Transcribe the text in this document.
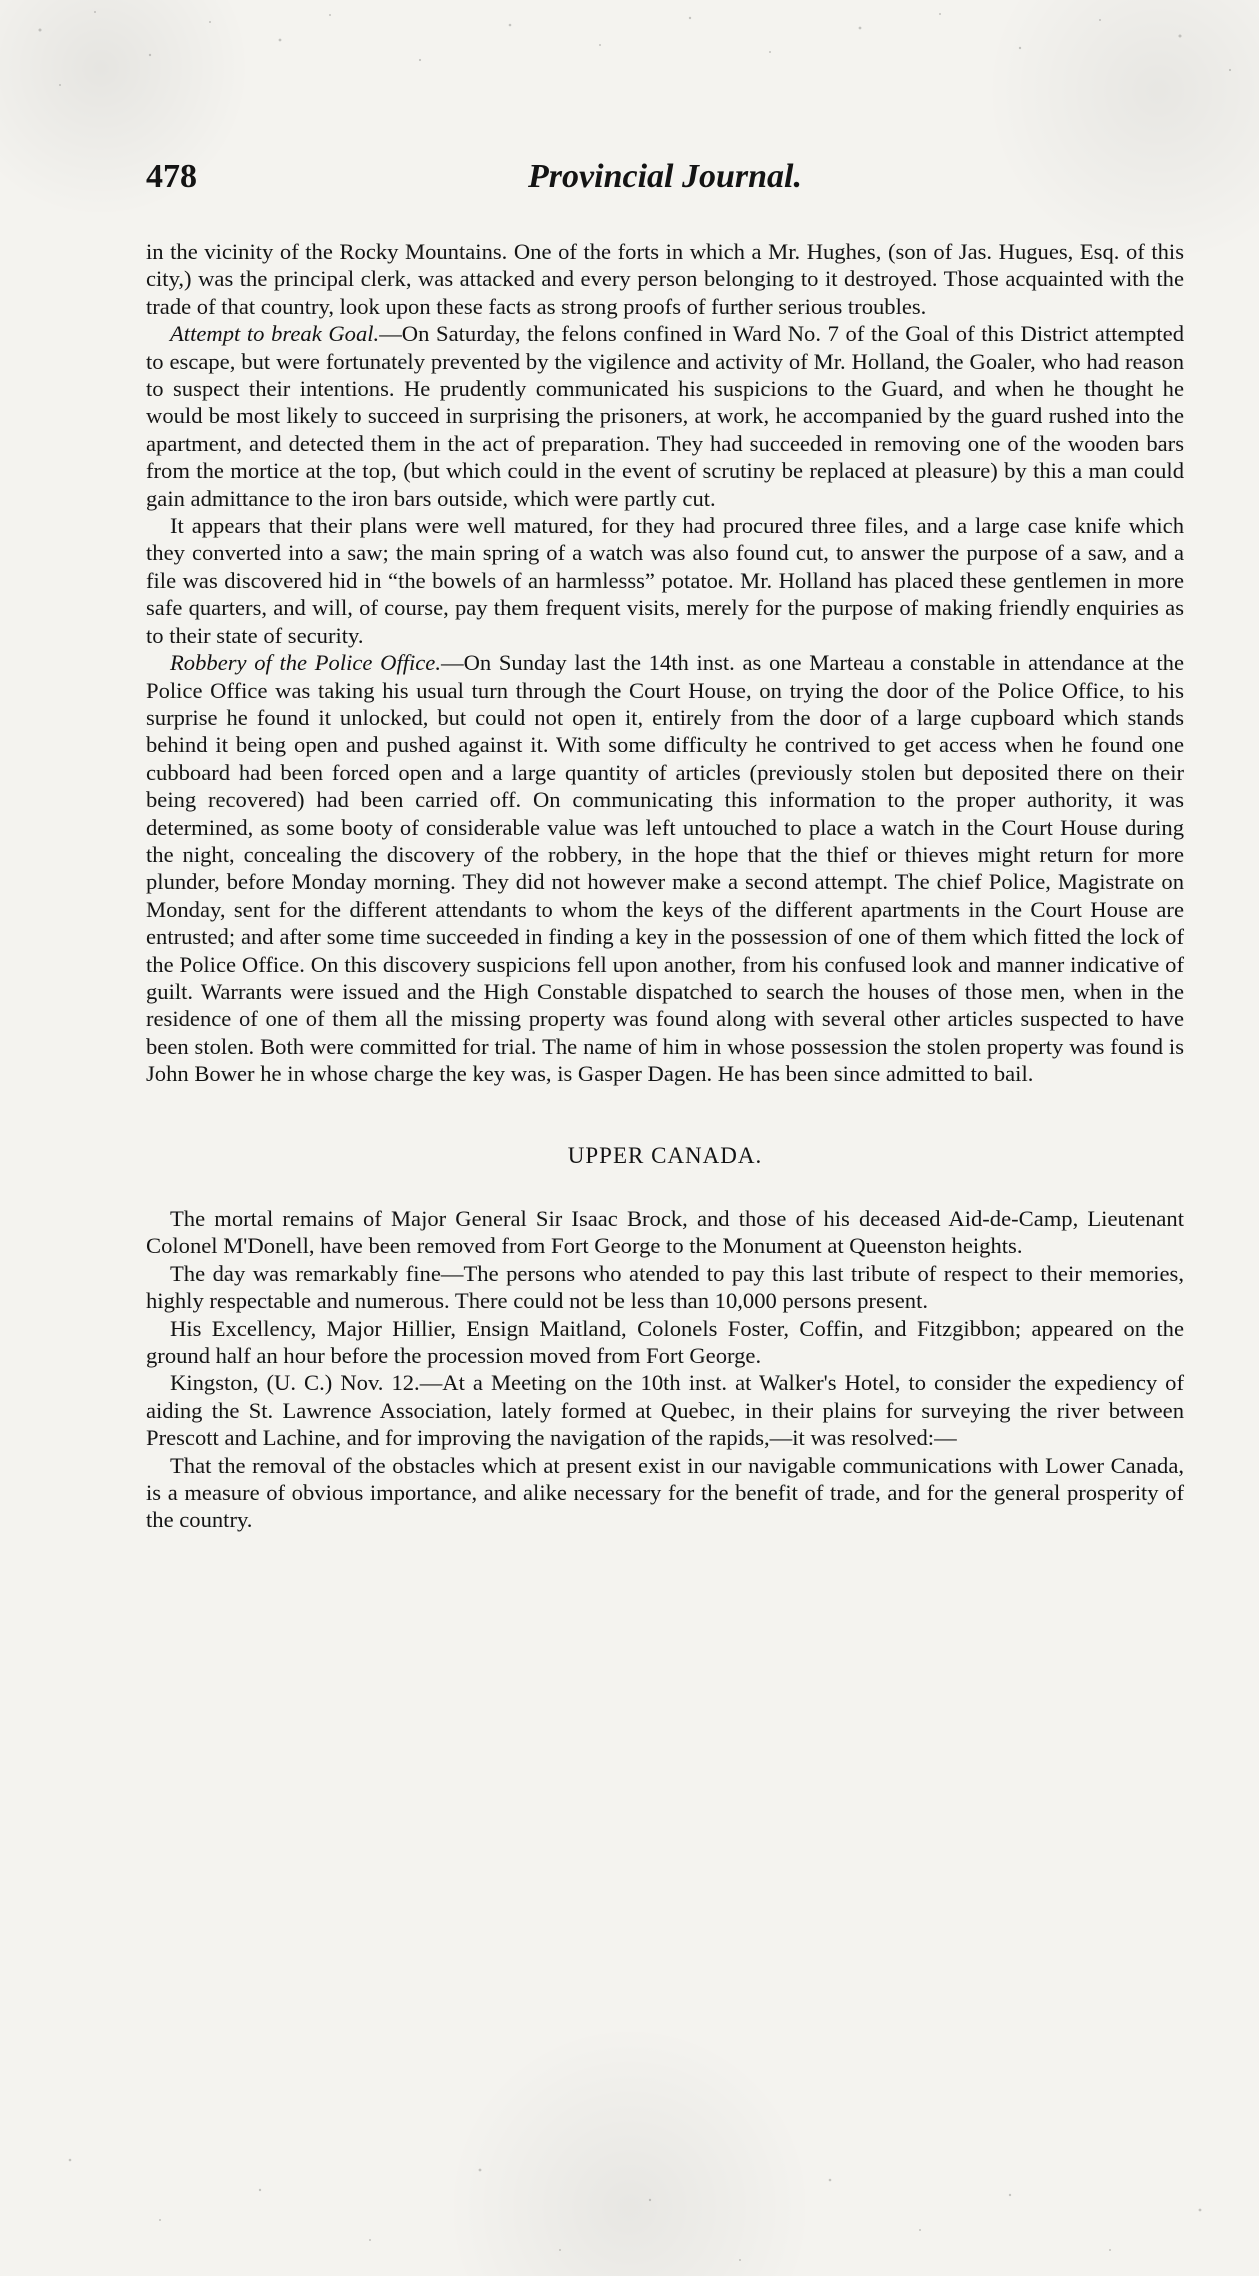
478	Provincial Journal.

in the vicinity of the Rocky Mountains. One of the forts in which a Mr. Hughes, (son of Jas. Hugues, Esq. of this city,) was the principal clerk, was attacked and every person belonging to it destroyed. Those acquainted with the trade of that country, look upon these facts as strong proofs of further serious troubles.

Attempt to break Goal.—On Saturday, the felons confined in Ward No. 7 of the Goal of this District attempted to escape, but were fortunately prevented by the vigilence and activity of Mr. Holland, the Goaler, who had reason to suspect their intentions. He prudently communicated his suspicions to the Guard, and when he thought he would be most likely to succeed in surprising the prisoners, at work, he accompanied by the guard rushed into the apartment, and detected them in the act of preparation. They had succeeded in removing one of the wooden bars from the mortice at the top, (but which could in the event of scrutiny be replaced at pleasure) by this a man could gain admittance to the iron bars outside, which were partly cut.

It appears that their plans were well matured, for they had procured three files, and a large case knife which they converted into a saw; the main spring of a watch was also found cut, to answer the purpose of a saw, and a file was discovered hid in “the bowels of an harmlesss” potatoe. Mr. Holland has placed these gentlemen in more safe quarters, and will, of course, pay them frequent visits, merely for the purpose of making friendly enquiries as to their state of security.

Robbery of the Police Office.—On Sunday last the 14th inst. as one Marteau a constable in attendance at the Police Office was taking his usual turn through the Court House, on trying the door of the Police Office, to his surprise he found it unlocked, but could not open it, entirely from the door of a large cupboard which stands behind it being open and pushed against it. With some difficulty he contrived to get access when he found one cubboard had been forced open and a large quantity of articles (previously stolen but deposited there on their being recovered) had been carried off. On communicating this information to the proper authority, it was determined, as some booty of considerable value was left untouched to place a watch in the Court House during the night, concealing the discovery of the robbery, in the hope that the thief or thieves might return for more plunder, before Monday morning. They did not however make a second attempt. The chief Police, Magistrate on Monday, sent for the different attendants to whom the keys of the different apartments in the Court House are entrusted; and after some time succeeded in finding a key in the possession of one of them which fitted the lock of the Police Office. On this discovery suspicions fell upon another, from his confused look and manner indicative of guilt. Warrants were issued and the High Constable dispatched to search the houses of those men, when in the residence of one of them all the missing property was found along with several other articles suspected to have been stolen. Both were committed for trial. The name of him in whose possession the stolen property was found is John Bower he in whose charge the key was, is Gasper Dagen. He has been since admitted to bail.

UPPER CANADA.

The mortal remains of Major General Sir Isaac Brock, and those of his deceased Aid-de-Camp, Lieutenant Colonel M'Donell, have been removed from Fort George to the Monument at Queenston heights.

The day was remarkably fine—The persons who atended to pay this last tribute of respect to their memories, highly respectable and numerous. There could not be less than 10,000 persons present.

His Excellency, Major Hillier, Ensign Maitland, Colonels Foster, Coffin, and Fitzgibbon; appeared on the ground half an hour before the procession moved from Fort George.

Kingston, (U. C.) Nov. 12.—At a Meeting on the 10th inst. at Walker's Hotel, to consider the expediency of aiding the St. Lawrence Association, lately formed at Quebec, in their plains for surveying the river between Prescott and Lachine, and for improving the navigation of the rapids,—it was resolved:—

That the removal of the obstacles which at present exist in our navigable communications with Lower Canada, is a measure of obvious importance, and alike necessary for the benefit of trade, and for the general prosperity of the country.
